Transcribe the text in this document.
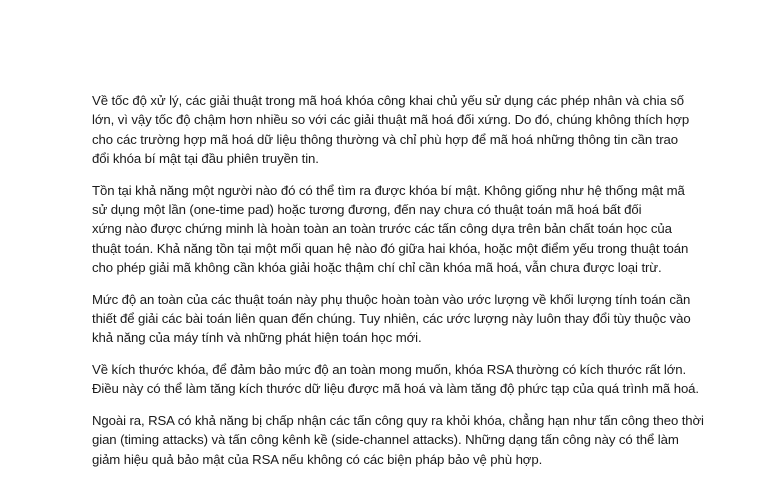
Về tốc độ xử lý, các giải thuật trong mã hoá khóa công khai chủ yếu sử dụng các phép nhân và chia số
lớn, vì vậy tốc độ chậm hơn nhiều so với các giải thuật mã hoá đối xứng. Do đó, chúng không thích hợp
cho các trường hợp mã hoá dữ liệu thông thường và chỉ phù hợp để mã hoá những thông tin cần trao
đổi khóa bí mật tại đầu phiên truyền tin.

Tồn tại khả năng một người nào đó có thể tìm ra được khóa bí mật. Không giống như hệ thống mật mã
sử dụng một lần (one-time pad) hoặc tương đương, đến nay chưa có thuật toán mã hoá bất đối
xứng nào được chứng minh là hoàn toàn an toàn trước các tấn công dựa trên bản chất toán học của
thuật toán. Khả năng tồn tại một mối quan hệ nào đó giữa hai khóa, hoặc một điểm yếu trong thuật toán
cho phép giải mã không cần khóa giải hoặc thậm chí chỉ cần khóa mã hoá, vẫn chưa được loại trừ.

Mức độ an toàn của các thuật toán này phụ thuộc hoàn toàn vào ước lượng về khối lượng tính toán cần
thiết để giải các bài toán liên quan đến chúng. Tuy nhiên, các ước lượng này luôn thay đổi tùy thuộc vào
khả năng của máy tính và những phát hiện toán học mới.

Về kích thước khóa, để đảm bảo mức độ an toàn mong muốn, khóa RSA thường có kích thước rất lớn.
Điều này có thể làm tăng kích thước dữ liệu được mã hoá và làm tăng độ phức tạp của quá trình mã hoá.

Ngoài ra, RSA có khả năng bị chấp nhận các tấn công quy ra khỏi khóa, chẳng hạn như tấn công theo thời
gian (timing attacks) và tấn công kênh kề (side-channel attacks). Những dạng tấn công này có thể làm
giảm hiệu quả bảo mật của RSA nếu không có các biện pháp bảo vệ phù hợp.
